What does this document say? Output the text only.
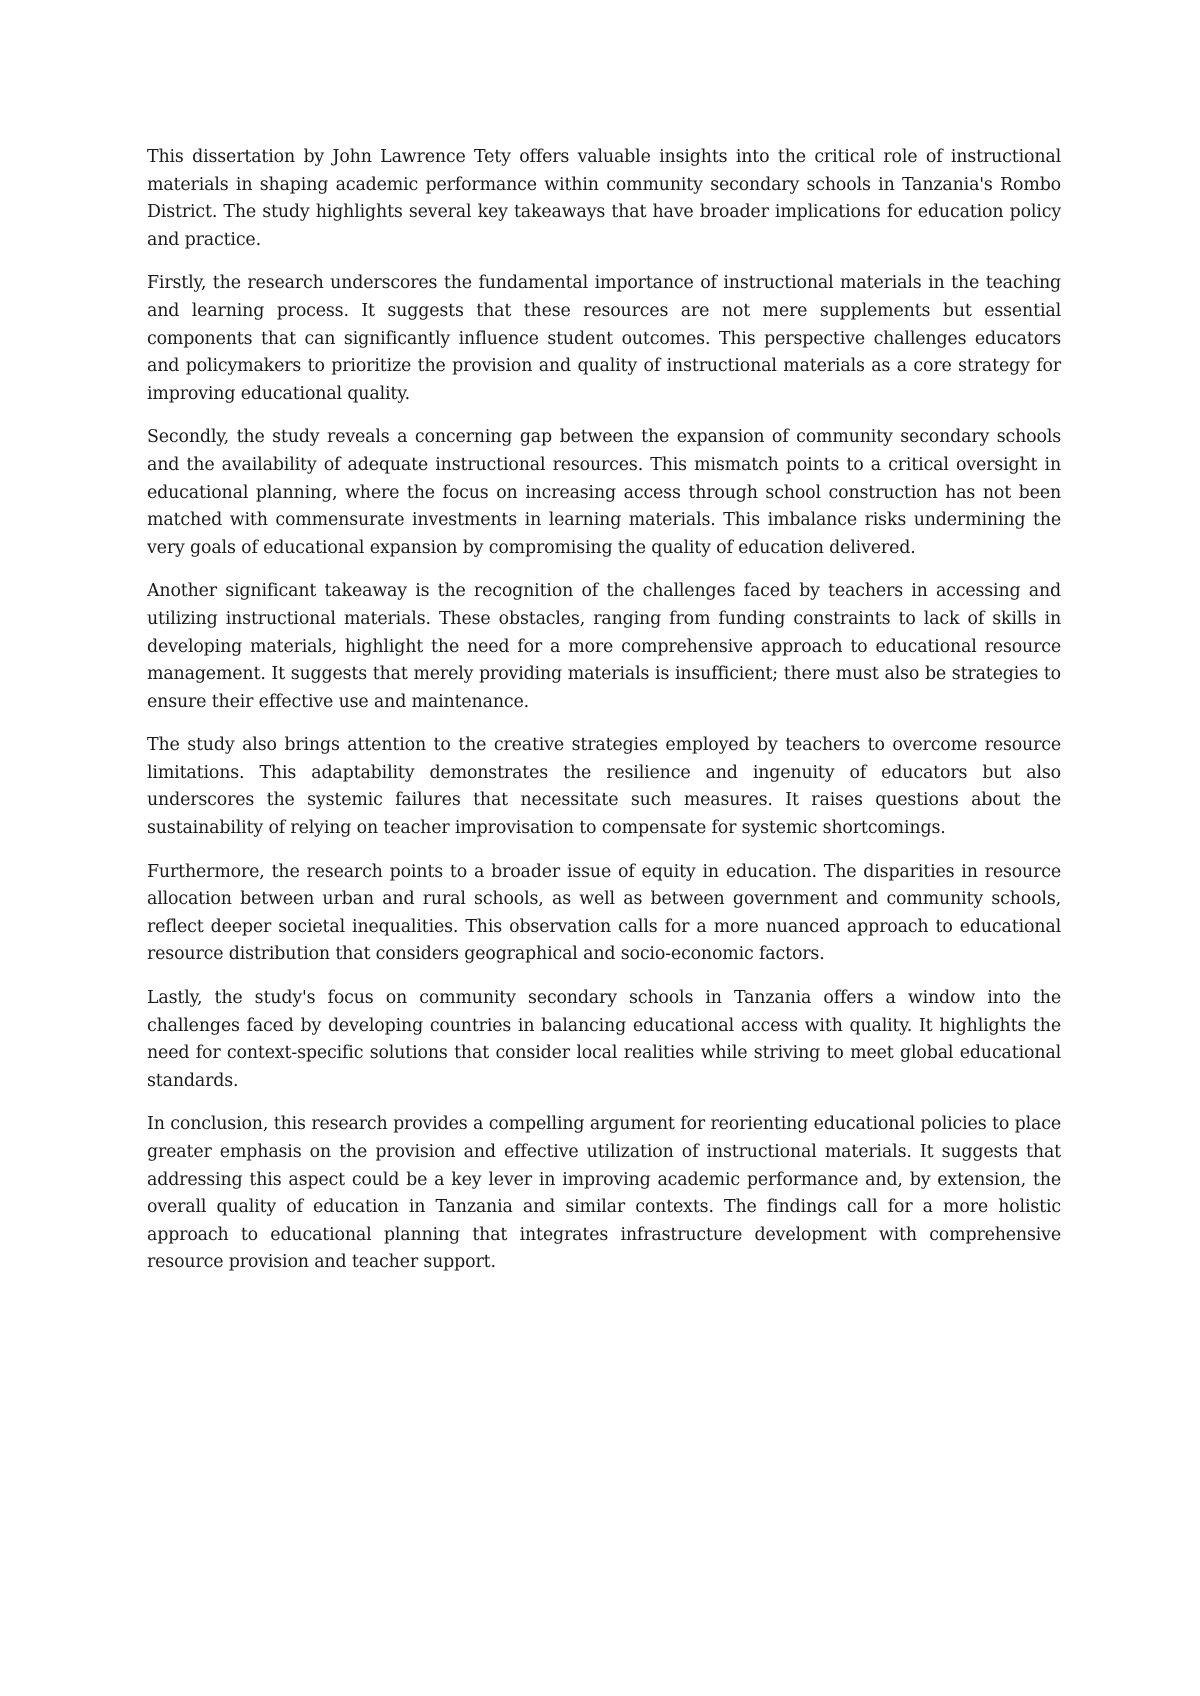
This dissertation by John Lawrence Tety offers valuable insights into the critical role of instructional materials in shaping academic performance within community secondary schools in Tanzania's Rombo District. The study highlights several key takeaways that have broader implications for education policy and practice.

Firstly, the research underscores the fundamental importance of instructional materials in the teaching and learning process. It suggests that these resources are not mere supplements but essential components that can significantly influence student outcomes. This perspective challenges educators and policymakers to prioritize the provision and quality of instructional materials as a core strategy for improving educational quality.

Secondly, the study reveals a concerning gap between the expansion of community secondary schools and the availability of adequate instructional resources. This mismatch points to a critical oversight in educational planning, where the focus on increasing access through school construction has not been matched with commensurate investments in learning materials. This imbalance risks undermining the very goals of educational expansion by compromising the quality of education delivered.

Another significant takeaway is the recognition of the challenges faced by teachers in accessing and utilizing instructional materials. These obstacles, ranging from funding constraints to lack of skills in developing materials, highlight the need for a more comprehensive approach to educational resource management. It suggests that merely providing materials is insufficient; there must also be strategies to ensure their effective use and maintenance.

The study also brings attention to the creative strategies employed by teachers to overcome resource limitations. This adaptability demonstrates the resilience and ingenuity of educators but also underscores the systemic failures that necessitate such measures. It raises questions about the sustainability of relying on teacher improvisation to compensate for systemic shortcomings.

Furthermore, the research points to a broader issue of equity in education. The disparities in resource allocation between urban and rural schools, as well as between government and community schools, reflect deeper societal inequalities. This observation calls for a more nuanced approach to educational resource distribution that considers geographical and socio-economic factors.

Lastly, the study's focus on community secondary schools in Tanzania offers a window into the challenges faced by developing countries in balancing educational access with quality. It highlights the need for context-specific solutions that consider local realities while striving to meet global educational standards.

In conclusion, this research provides a compelling argument for reorienting educational policies to place greater emphasis on the provision and effective utilization of instructional materials. It suggests that addressing this aspect could be a key lever in improving academic performance and, by extension, the overall quality of education in Tanzania and similar contexts. The findings call for a more holistic approach to educational planning that integrates infrastructure development with comprehensive resource provision and teacher support.
